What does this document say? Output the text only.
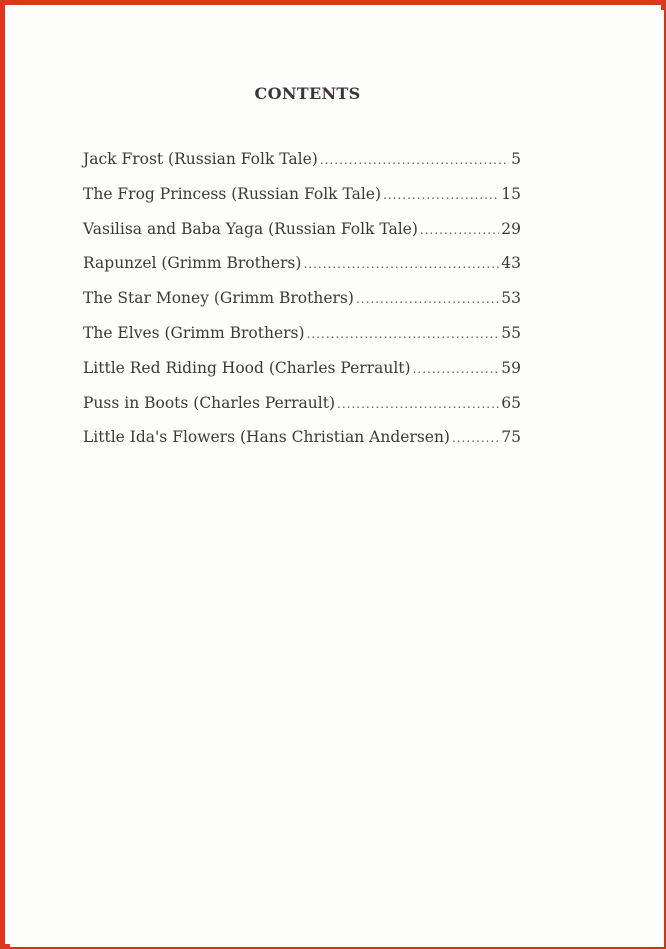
CONTENTS
Jack Frost (Russian Folk Tale) .....	5
The Frog Princess (Russian Folk Tale) .....	15
Vasilisa and Baba Yaga (Russian Folk Tale) .....	29
Rapunzel (Grimm Brothers) .....	43
The Star Money (Grimm Brothers) .....	53
The Elves (Grimm Brothers) .....	55
Little Red Riding Hood (Charles Perrault) .....	59
Puss in Boots (Charles Perrault) .....	65
Little Ida's Flowers (Hans Christian Andersen) .....	75
